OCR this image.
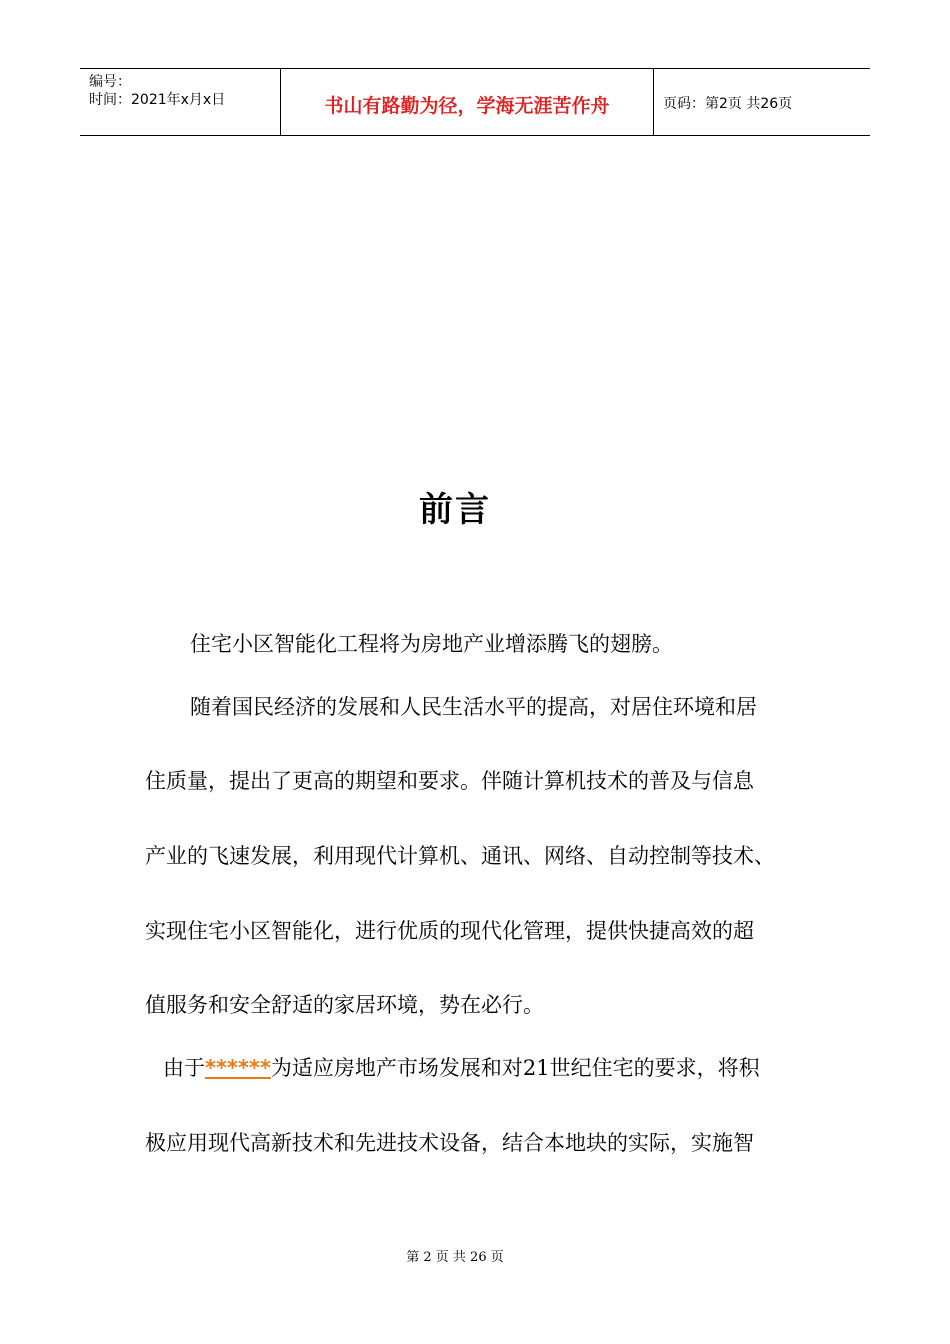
编号：
时间：2021年x月x日	书山有路勤为径，学海无涯苦作舟	页码：第2页 共26页
前言
住宅小区智能化工程将为房地产业增添腾飞的翅膀。
随着国民经济的发展和人民生活水平的提高，对居住环境和居
住质量，提出了更高的期望和要求。伴随计算机技术的普及与信息
产业的飞速发展，利用现代计算机、通讯、网络、自动控制等技术、
实现住宅小区智能化，进行优质的现代化管理，提供快捷高效的超
值服务和安全舒适的家居环境，势在必行。
由于******为适应房地产市场发展和对21世纪住宅的要求，将积
极应用现代高新技术和先进技术设备，结合本地块的实际，实施智
第 2 页 共 26 页
